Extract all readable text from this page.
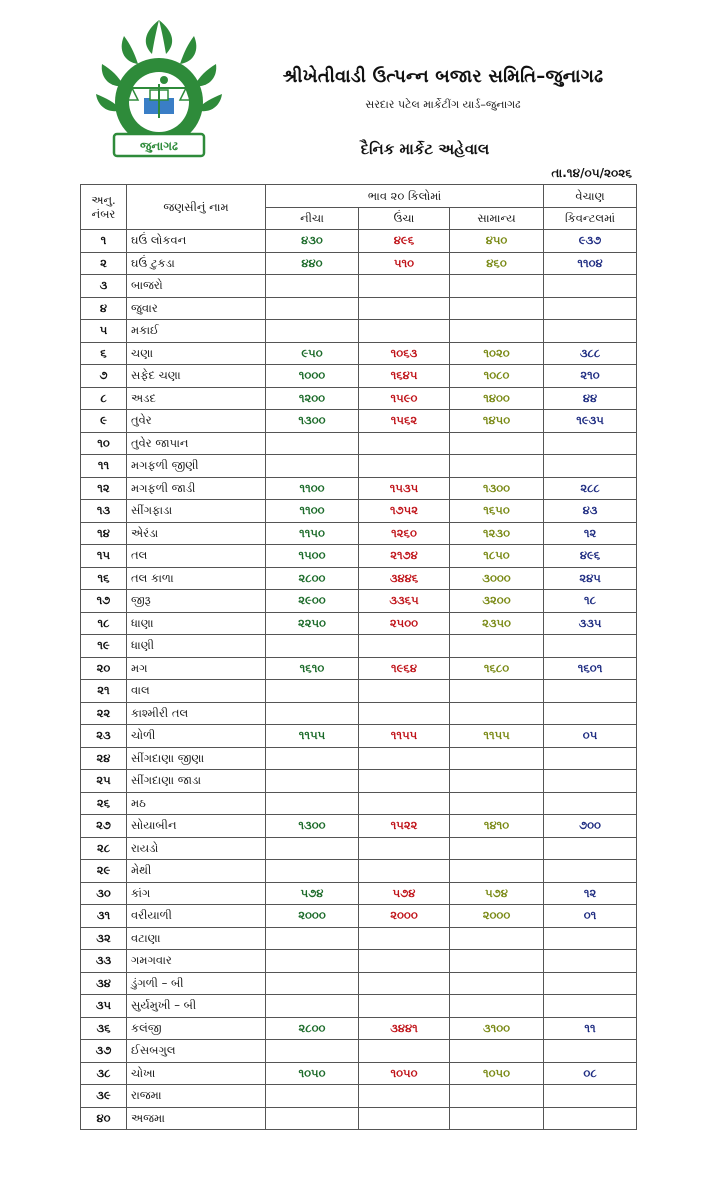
જુનાગઢ
શ્રીખેતીવાડી ઉત્પન્ન બજાર સમિતિ–જુનાગઢ
સરદાર પટેલ માર્કેટીંગ યાર્ડ–જુનાગઢ
દૈનિક માર્કેટ અહેવાલ
તા.૧૪/૦૫/૨૦૨૬
અનુ.
નંબર	જણસીનું નામ	ભાવ ૨૦ કિલોમાં			વેચાણ
		નીચા	ઉંચા	સામાન્ય	કિવન્ટલમાં
૧	ઘઉં લોકવન	૪૩૦	૪૯૬	૪૫૦	૯૩૭
૨	ઘઉં ટુકડા	૪૪૦	૫૧૦	૪૬૦	૧૧૦૪
૩	બાજરો				
૪	જુવાર				
૫	મકાઈ				
૬	ચણા	૯૫૦	૧૦૬૩	૧૦૨૦	૩૮૮
૭	સફેદ ચણા	૧૦૦૦	૧૬૪૫	૧૦૮૦	૨૧૦
૮	અડદ	૧૨૦૦	૧૫૯૦	૧૪૦૦	૪૪
૯	તુવેર	૧૩૦૦	૧૫૬૨	૧૪૫૦	૧૯૩૫
૧૦	તુવેર જાપાન				
૧૧	મગફળી જીણી				
૧૨	મગફળી જાડી	૧૧૦૦	૧૫૩૫	૧૩૦૦	૨૮૮
૧૩	સીંગફાડા	૧૧૦૦	૧૭૫૨	૧૬૫૦	૪૩
૧૪	એરંડા	૧૧૫૦	૧૨૬૦	૧૨૩૦	૧૨
૧૫	તલ	૧૫૦૦	૨૧૭૪	૧૮૫૦	૪૯૬
૧૬	તલ કાળા	૨૮૦૦	૩૪૪૬	૩૦૦૦	૨૪૫
૧૭	જીરૂ	૨૯૦૦	૩૩૬૫	૩૨૦૦	૧૮
૧૮	ધાણા	૨૨૫૦	૨૫૦૦	૨૩૫૦	૩૩૫
૧૯	ધાણી				
૨૦	મગ	૧૬૧૦	૧૯૬૪	૧૬૮૦	૧૬૦૧
૨૧	વાલ				
૨૨	કાશ્મીરી તલ				
૨૩	ચોળી	૧૧૫૫	૧૧૫૫	૧૧૫૫	૦૫
૨૪	સીંગદાણા જીણા				
૨૫	સીંગદાણા જાડા				
૨૬	મઠ				
૨૭	સોયાબીન	૧૩૦૦	૧૫૨૨	૧૪૧૦	૭૦૦
૨૮	રાયડો				
૨૯	મેથી				
૩૦	કાંગ	૫૭૪	૫૭૪	૫૭૪	૧૨
૩૧	વરીયાળી	૨૦૦૦	૨૦૦૦	૨૦૦૦	૦૧
૩૨	વટાણા				
૩૩	ગમગવાર				
૩૪	ડુંગળી – બી				
૩૫	સુર્યમુખી – બી				
૩૬	કલંજી	૨૮૦૦	૩૪૪૧	૩૧૦૦	૧૧
૩૭	ઈસબગુલ				
૩૮	ચોખા	૧૦૫૦	૧૦૫૦	૧૦૫૦	૦૮
૩૯	રાજમા				
૪૦	અજમા				
